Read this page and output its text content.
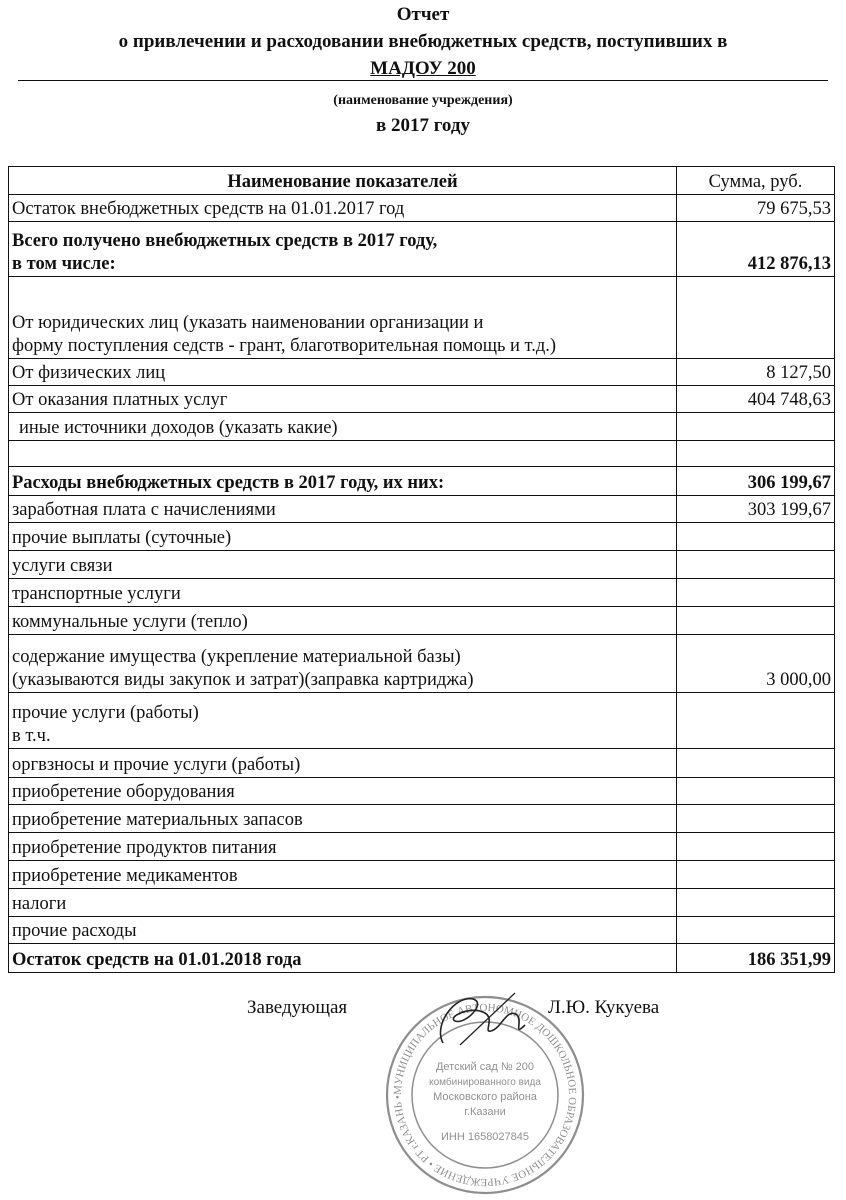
Отчет
о привлечении и расходовании внебюджетных средств, поступивших в
МАДОУ 200
(наименование учреждения)
в 2017 году
Наименование показателей	Сумма, руб.
Остаток внебюджетных средств на 01.01.2017 год	79 675,53
Всего получено внебюджетных средств в 2017 году,
в том числе:	412 876,13
От юридических лиц (указать наименовании организации и
форму поступления седств - грант, благотворительная помощь и т.д.)	
От физических лиц	8 127,50
От оказания платных услуг	404 748,63
иные источники доходов (указать какие)	

Расходы внебюджетных средств в 2017 году, их них:	306 199,67
заработная плата с начислениями	303 199,67
прочие выплаты (суточные)	
услуги связи	
транспортные услуги	
коммунальные услуги (тепло)	
содержание имущества (укрепление материальной базы)
(указываются виды закупок и затрат)(заправка картриджа)	3 000,00
прочие услуги (работы)
в т.ч.	
оргвзносы и прочие услуги (работы)	
приобретение оборудования	
приобретение материальных запасов	
приобретение продуктов питания	
приобретение медикаментов	
налоги	
прочие расходы	
Остаток средств на 01.01.2018 года	186 351,99
Заведующая	Л.Ю. Кукуева
МУНИЦИПАЛЬНОЕ АВТОНОМНОЕ ДОШКОЛЬНОЕ ОБРАЗОВАТЕЛЬНОЕ УЧРЕЖДЕНИЕ • РТ г.КАЗАНЬ •
Детский сад № 200
комбинированного вида
Московского района
г.Казани
ИНН 1658027845
